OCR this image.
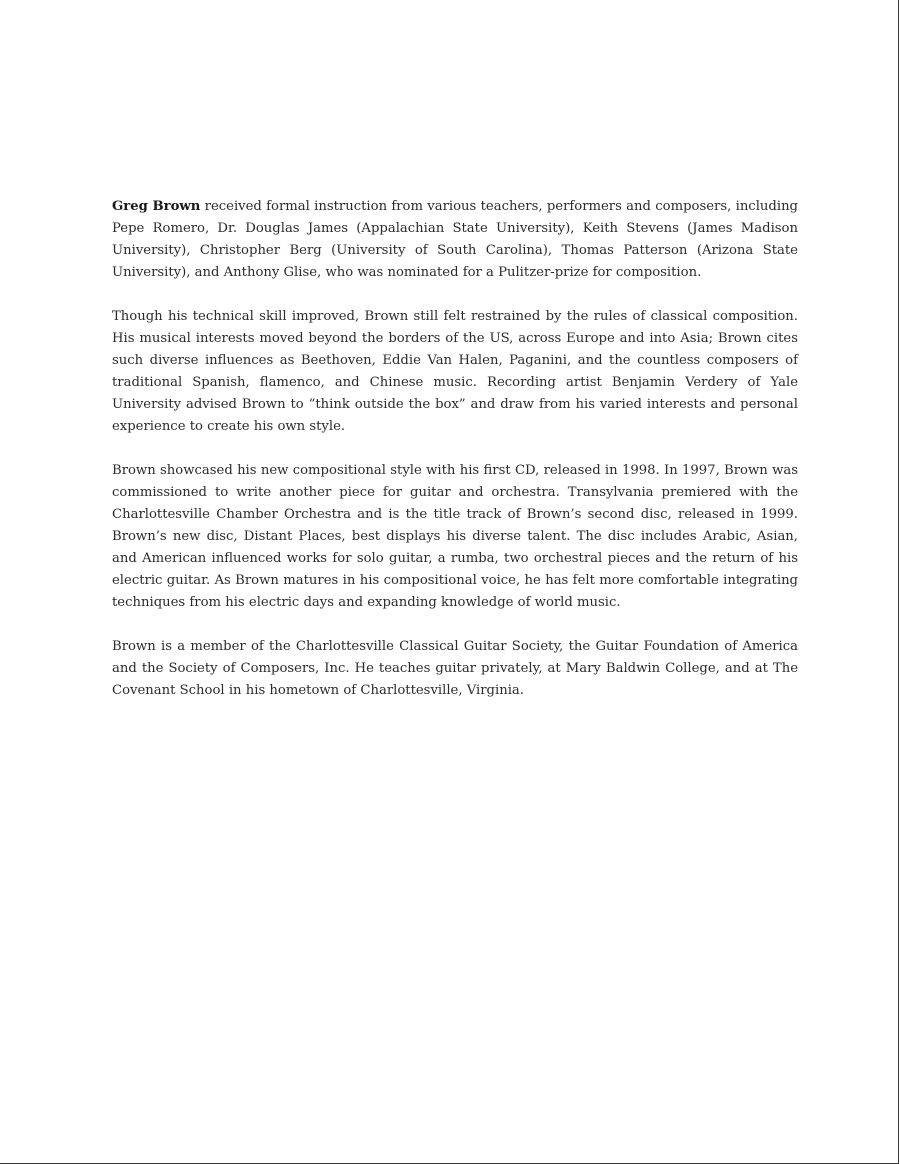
Greg Brown received formal instruction from various teachers, performers and composers, including Pepe Romero, Dr. Douglas James (Appalachian State University), Keith Stevens (James Madison University), Christopher Berg (University of South Carolina), Thomas Patterson (Arizona State University), and Anthony Glise, who was nominated for a Pulitzer-prize for composition.

Though his technical skill improved, Brown still felt restrained by the rules of classical composition. His musical interests moved beyond the borders of the US, across Europe and into Asia; Brown cites such diverse influences as Beethoven, Eddie Van Halen, Paganini, and the countless composers of traditional Spanish, flamenco, and Chinese music. Recording artist Benjamin Verdery of Yale University advised Brown to “think outside the box” and draw from his varied interests and personal experience to create his own style.

Brown showcased his new compositional style with his first CD, released in 1998. In 1997, Brown was commissioned to write another piece for guitar and orchestra. Transylvania premiered with the Charlottesville Chamber Orchestra and is the title track of Brown’s second disc, released in 1999. Brown’s new disc, Distant Places, best displays his diverse talent. The disc includes Arabic, Asian, and American influenced works for solo guitar, a rumba, two orchestral pieces and the return of his electric guitar. As Brown matures in his compositional voice, he has felt more comfortable integrating techniques from his electric days and expanding knowledge of world music.

Brown is a member of the Charlottesville Classical Guitar Society, the Guitar Foundation of America and the Society of Composers, Inc. He teaches guitar privately, at Mary Baldwin College, and at The Covenant School in his hometown of Charlottesville, Virginia.
